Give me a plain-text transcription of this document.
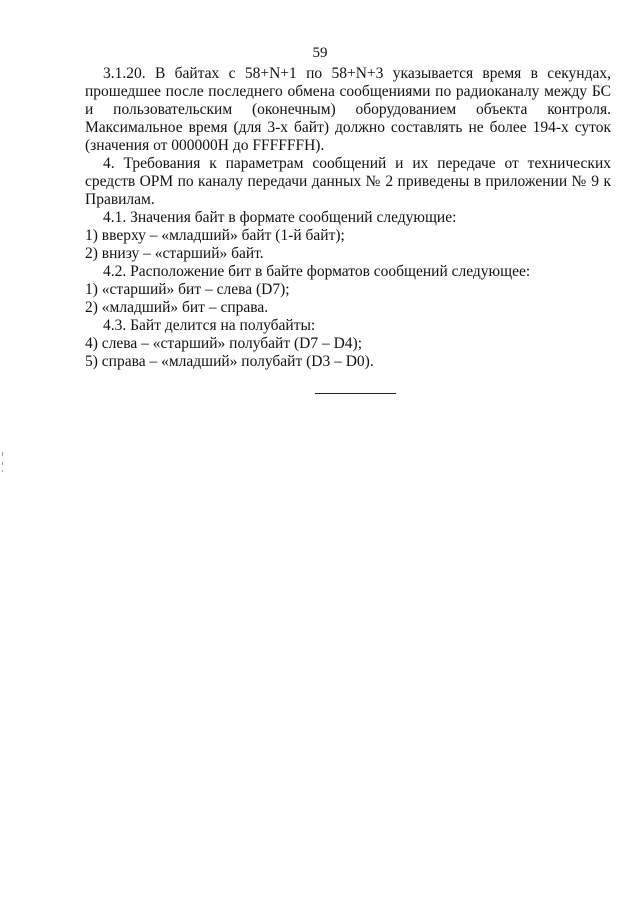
59

3.1.20. В байтах с 58+N+1 по 58+N+3 указывается время в секундах, прошедшее после последнего обмена сообщениями по радиоканалу между БС и пользовательским (оконечным) оборудованием объекта контроля. Максимальное время (для 3-х байт) должно составлять не более 194-х суток (значения от 000000Н до FFFFFFН).

4. Требования к параметрам сообщений и их передаче от технических средств ОРМ по каналу передачи данных № 2 приведены в приложении № 9 к Правилам.

4.1. Значения байт в формате сообщений следующие:

1) вверху – «младший» байт (1-й байт);

2) внизу – «старший» байт.

4.2. Расположение бит в байте форматов сообщений следующее:

1) «старший» бит – слева (D7);

2) «младший» бит – справа.

4.3. Байт делится на полубайты:

4) слева – «старший» полубайт (D7 – D4);

5) справа – «младший» полубайт (D3 – D0).
